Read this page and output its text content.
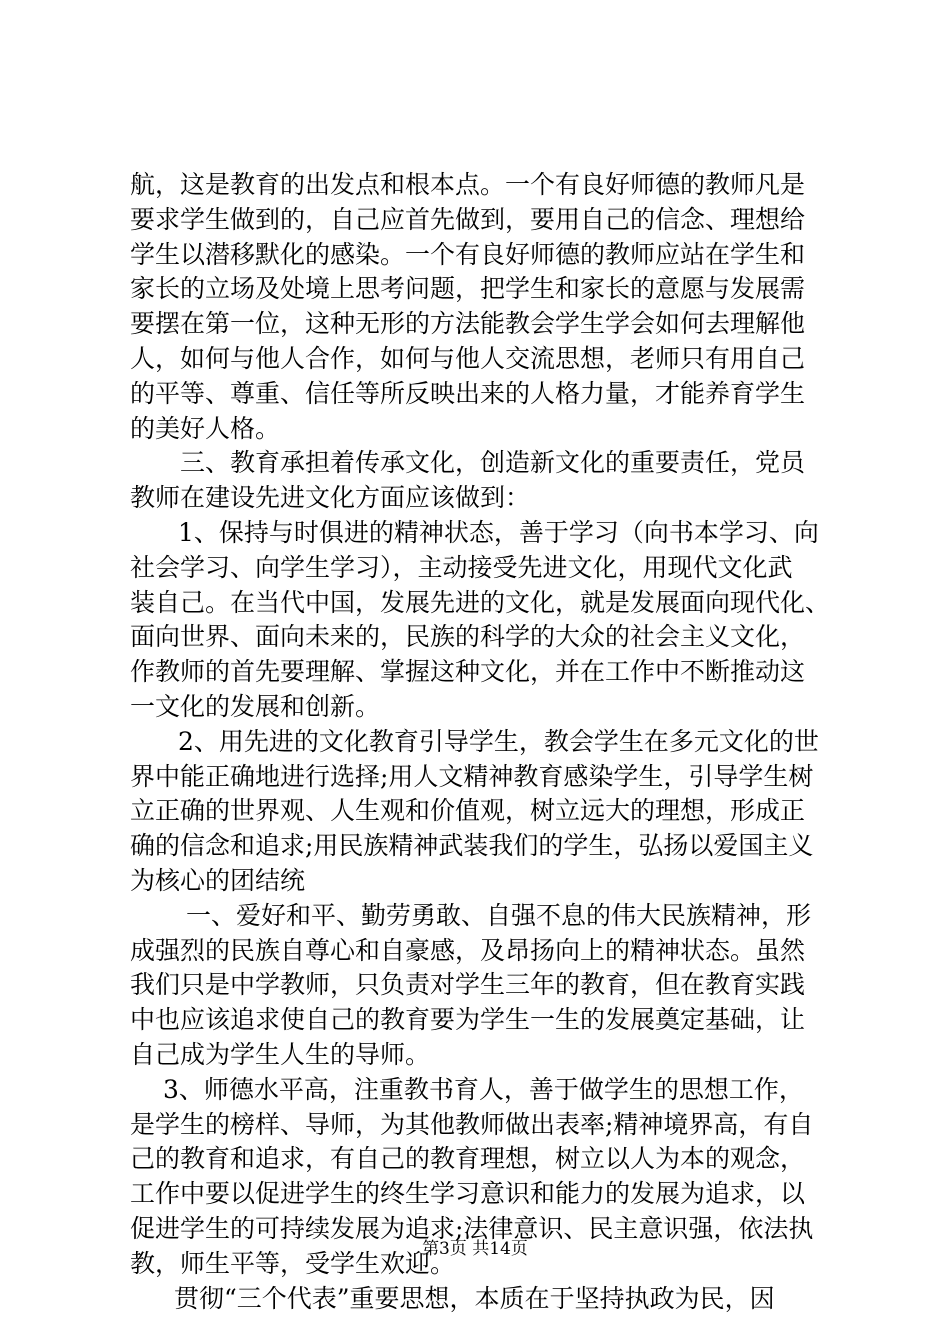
航，这是教育的出发点和根本点。一个有良好师德的教师凡是
要求学生做到的，自己应首先做到，要用自己的信念、理想给
学生以潜移默化的感染。一个有良好师德的教师应站在学生和
家长的立场及处境上思考问题，把学生和家长的意愿与发展需
要摆在第一位，这种无形的方法能教会学生学会如何去理解他
人，如何与他人合作，如何与他人交流思想，老师只有用自己
的平等、尊重、信任等所反映出来的人格力量，才能养育学生
的美好人格。
三、教育承担着传承文化，创造新文化的重要责任，党员
教师在建设先进文化方面应该做到：
1、保持与时俱进的精神状态，善于学习（向书本学习、向
社会学习、向学生学习），主动接受先进文化，用现代文化武
装自己。在当代中国，发展先进的文化，就是发展面向现代化、
面向世界、面向未来的，民族的科学的大众的社会主义文化，
作教师的首先要理解、掌握这种文化，并在工作中不断推动这
一文化的发展和创新。
2、用先进的文化教育引导学生，教会学生在多元文化的世
界中能正确地进行选择;用人文精神教育感染学生，引导学生树
立正确的世界观、人生观和价值观，树立远大的理想，形成正
确的信念和追求;用民族精神武装我们的学生，弘扬以爱国主义
为核心的团结统
一、爱好和平、勤劳勇敢、自强不息的伟大民族精神，形
成强烈的民族自尊心和自豪感，及昂扬向上的精神状态。虽然
我们只是中学教师，只负责对学生三年的教育，但在教育实践
中也应该追求使自己的教育要为学生一生的发展奠定基础，让
自己成为学生人生的导师。
3、师德水平高，注重教书育人，善于做学生的思想工作，
是学生的榜样、导师，为其他教师做出表率;精神境界高，有自
己的教育和追求，有自己的教育理想，树立以人为本的观念，
工作中要以促进学生的终生学习意识和能力的发展为追求，以
促进学生的可持续发展为追求;法律意识、民主意识强，依法执
教，师生平等，受学生欢迎。
贯彻“三个代表”重要思想，本质在于坚持执政为民，因
第3页 共14页
